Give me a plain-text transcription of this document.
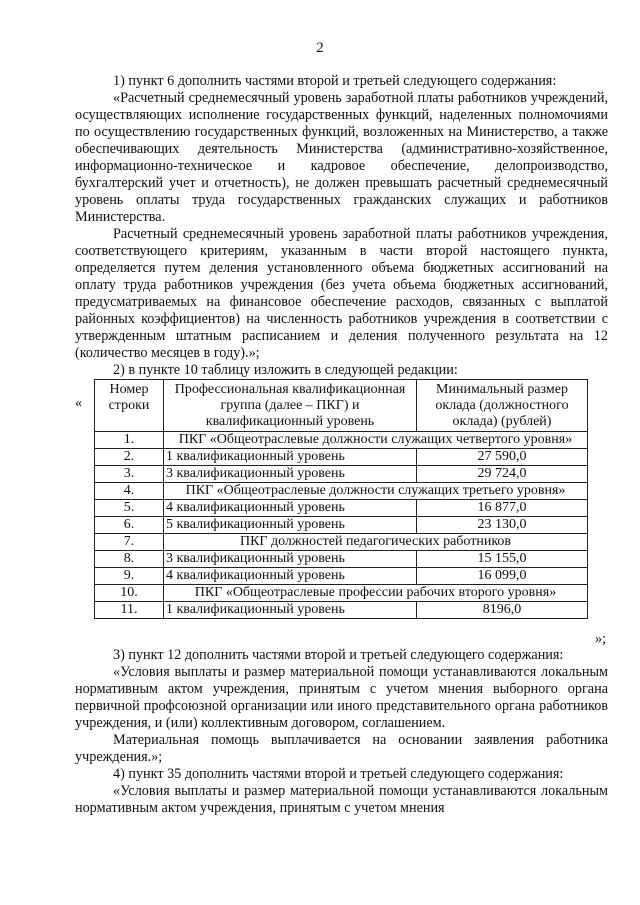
2

1) пункт 6 дополнить частями второй и третьей следующего содержания:

«Расчетный среднемесячный уровень заработной платы работников учреждений, осуществляющих исполнение государственных функций, наделенных полномочиями по осуществлению государственных функций, возложенных на Министерство, а также обеспечивающих деятельность Министерства (административно-хозяйственное, информационно-техническое и кадровое обеспечение, делопроизводство, бухгалтерский учет и отчетность), не должен превышать расчетный среднемесячный уровень оплаты труда государственных гражданских служащих и работников Министерства.

Расчетный среднемесячный уровень заработной платы работников учреждения, соответствующего критериям, указанным в части второй настоящего пункта, определяется путем деления установленного объема бюджетных ассигнований на оплату труда работников учреждения (без учета объема бюджетных ассигнований, предусматриваемых на финансовое обеспечение расходов, связанных с выплатой районных коэффициентов) на численность работников учреждения в соответствии с утвержденным штатным расписанием и деления полученного результата на 12 (количество месяцев в году).»;

2) в пункте 10 таблицу изложить в следующей редакции:

«
Номер строки	Профессиональная квалификационная группа (далее – ПКГ) и квалификационный уровень	Минимальный размер оклада (должностного оклада) (рублей)
1.	ПКГ «Общеотраслевые должности служащих четвертого уровня»	
2.	1 квалификационный уровень	27 590,0
3.	3 квалификационный уровень	29 724,0
4.	ПКГ «Общеотраслевые должности служащих третьего уровня»	
5.	4 квалификационный уровень	16 877,0
6.	5 квалификационный уровень	23 130,0
7.	ПКГ должностей педагогических работников	
8.	3 квалификационный уровень	15 155,0
9.	4 квалификационный уровень	16 099,0
10.	ПКГ «Общеотраслевые профессии рабочих второго уровня»	
11.	1 квалификационный уровень	8196,0
»;

3) пункт 12 дополнить частями второй и третьей следующего содержания:

«Условия выплаты и размер материальной помощи устанавливаются локальным нормативным актом учреждения, принятым с учетом мнения выборного органа первичной профсоюзной организации или иного представительного органа работников учреждения, и (или) коллективным договором, соглашением.

Материальная помощь выплачивается на основании заявления работника учреждения.»;

4) пункт 35 дополнить частями второй и третьей следующего содержания:

«Условия выплаты и размер материальной помощи устанавливаются локальным нормативным актом учреждения, принятым с учетом мнения
